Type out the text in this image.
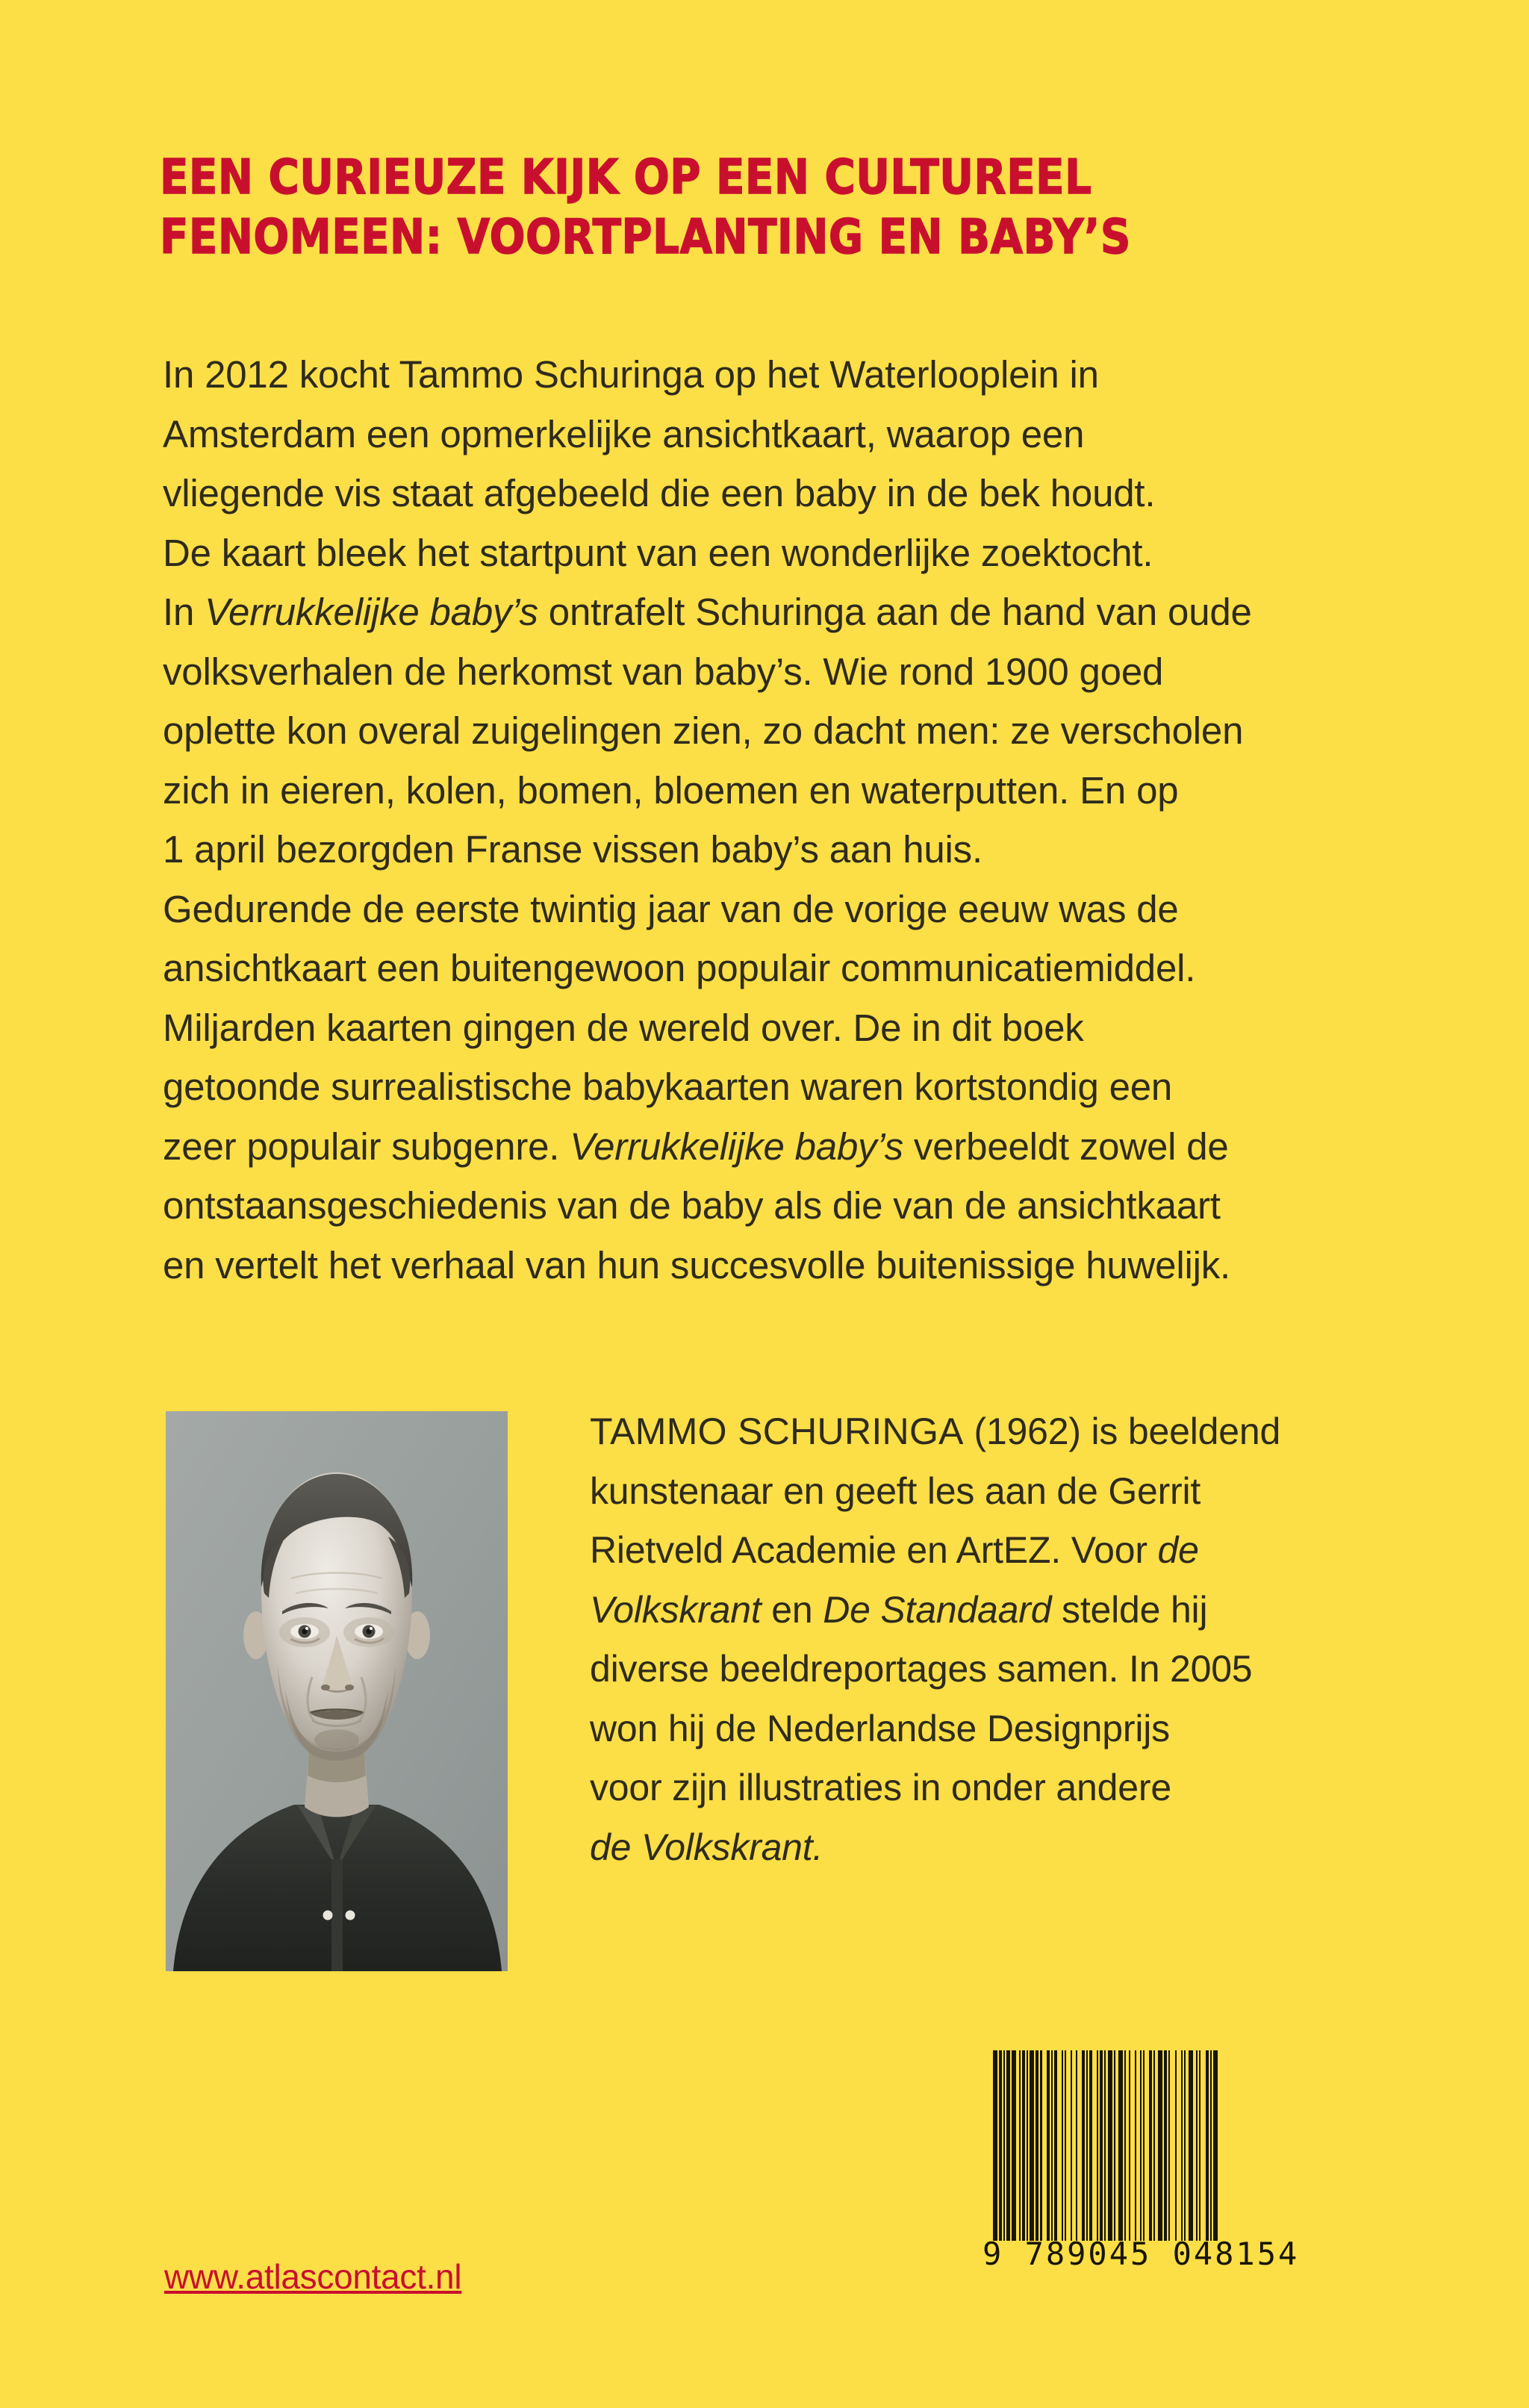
EEN CURIEUZE KIJK OP EEN CULTUREEL
FENOMEEN: VOORTPLANTING EN BABY’S
In 2012 kocht Tammo Schuringa op het Waterlooplein in
Amsterdam een opmerkelijke ansichtkaart, waarop een
vliegende vis staat afgebeeld die een baby in de bek houdt.
De kaart bleek het startpunt van een wonderlijke zoektocht.
In Verrukkelijke baby’s ontrafelt Schuringa aan de hand van oude
volksverhalen de herkomst van baby’s. Wie rond 1900 goed
oplette kon overal zuigelingen zien, zo dacht men: ze verscholen
zich in eieren, kolen, bomen, bloemen en waterputten. En op
1 april bezorgden Franse vissen baby’s aan huis.
Gedurende de eerste twintig jaar van de vorige eeuw was de
ansichtkaart een buitengewoon populair communicatiemiddel.
Miljarden kaarten gingen de wereld over. De in dit boek
getoonde surrealistische babykaarten waren kortstondig een
zeer populair subgenre. Verrukkelijke baby’s verbeeldt zowel de
ontstaansgeschiedenis van de baby als die van de ansichtkaart
en vertelt het verhaal van hun succesvolle buitenissige huwelijk.
TAMMO SCHURINGA (1962) is beeldend
kunstenaar en geeft les aan de Gerrit
Rietveld Academie en ArtEZ. Voor de
Volkskrant en De Standaard stelde hij
diverse beeldreportages samen. In 2005
won hij de Nederlandse Designprijs
voor zijn illustraties in onder andere
de Volkskrant.
www.atlascontact.nl
9 789045 048154
